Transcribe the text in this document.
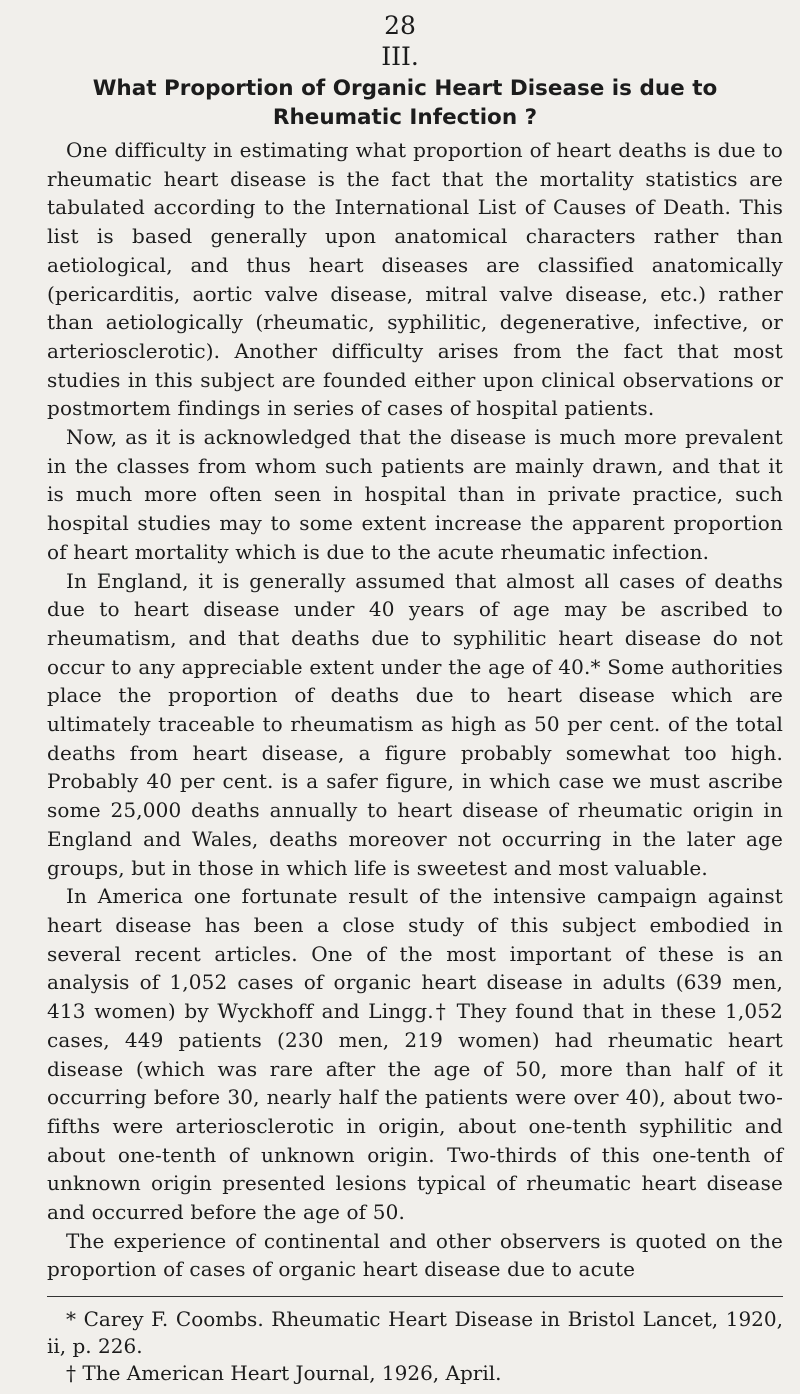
28
III.
What Proportion of Organic Heart Disease is due to Rheumatic Infection ?

One difficulty in estimating what proportion of heart deaths is due to rheumatic heart disease is the fact that the mortality statistics are tabulated according to the International List of Causes of Death. This list is based generally upon anatomical characters rather than aetiological, and thus heart diseases are classified anatomically (pericarditis, aortic valve disease, mitral valve disease, etc.) rather than aetiologically (rheumatic, syphilitic, degenerative, infective, or arteriosclerotic). Another difficulty arises from the fact that most studies in this subject are founded either upon clinical observations or postmortem findings in series of cases of hospital patients.

Now, as it is acknowledged that the disease is much more prevalent in the classes from whom such patients are mainly drawn, and that it is much more often seen in hospital than in private practice, such hospital studies may to some extent increase the apparent proportion of heart mortality which is due to the acute rheumatic infection.

In England, it is generally assumed that almost all cases of deaths due to heart disease under 40 years of age may be ascribed to rheumatism, and that deaths due to syphilitic heart disease do not occur to any appreciable extent under the age of 40.* Some authorities place the proportion of deaths due to heart disease which are ultimately traceable to rheumatism as high as 50 per cent. of the total deaths from heart disease, a figure probably somewhat too high. Probably 40 per cent. is a safer figure, in which case we must ascribe some 25,000 deaths annually to heart disease of rheumatic origin in England and Wales, deaths moreover not occurring in the later age groups, but in those in which life is sweetest and most valuable.

In America one fortunate result of the intensive campaign against heart disease has been a close study of this subject embodied in several recent articles. One of the most important of these is an analysis of 1,052 cases of organic heart disease in adults (639 men, 413 women) by Wyckhoff and Lingg.† They found that in these 1,052 cases, 449 patients (230 men, 219 women) had rheumatic heart disease (which was rare after the age of 50, more than half of it occurring before 30, nearly half the patients were over 40), about two-fifths were arteriosclerotic in origin, about one-tenth syphilitic and about one-tenth of unknown origin. Two-thirds of this one-tenth of unknown origin presented lesions typical of rheumatic heart disease and occurred before the age of 50.

The experience of continental and other observers is quoted on the proportion of cases of organic heart disease due to acute

* Carey F. Coombs. Rheumatic Heart Disease in Bristol Lancet, 1920, ii, p. 226.

† The American Heart Journal, 1926, April.
